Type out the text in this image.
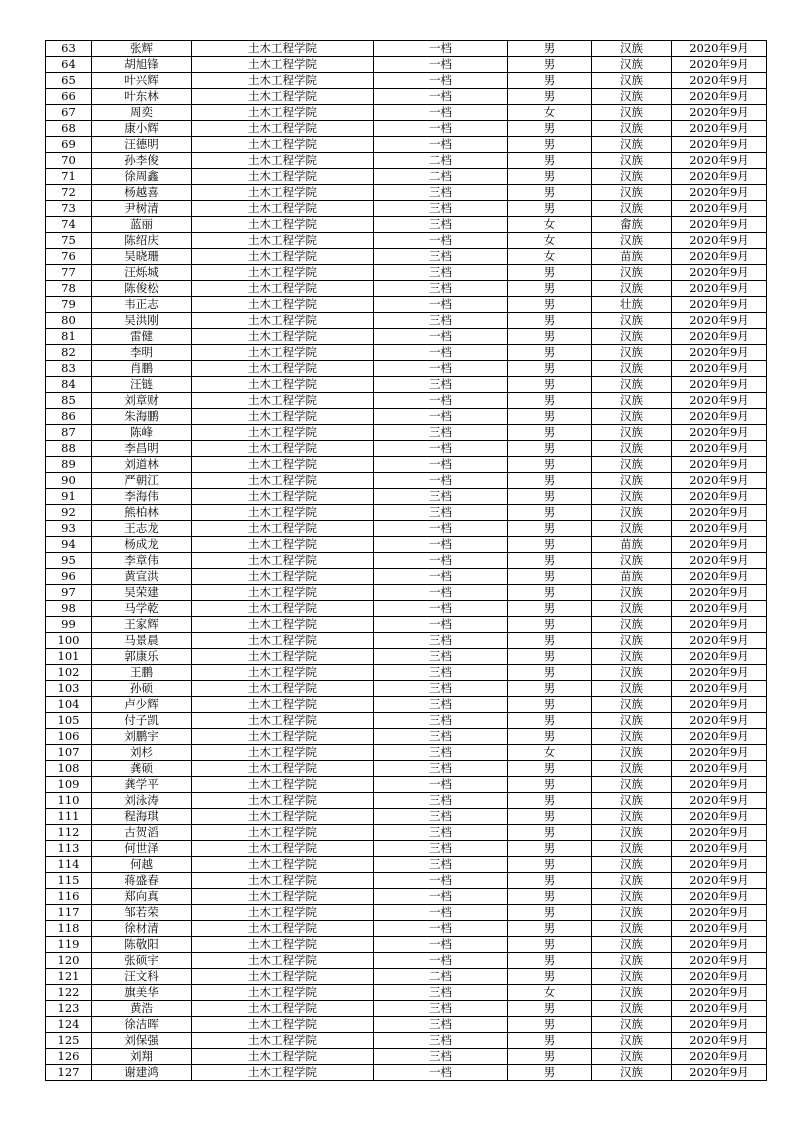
63	张辉	土木工程学院	一档	男	汉族	2020年9月
64	胡旭锋	土木工程学院	一档	男	汉族	2020年9月
65	叶兴辉	土木工程学院	一档	男	汉族	2020年9月
66	叶东林	土木工程学院	一档	男	汉族	2020年9月
67	周奕	土木工程学院	一档	女	汉族	2020年9月
68	康小辉	土木工程学院	一档	男	汉族	2020年9月
69	汪德明	土木工程学院	一档	男	汉族	2020年9月
70	孙李俊	土木工程学院	二档	男	汉族	2020年9月
71	徐周鑫	土木工程学院	二档	男	汉族	2020年9月
72	杨越喜	土木工程学院	三档	男	汉族	2020年9月
73	尹树清	土木工程学院	三档	男	汉族	2020年9月
74	蓝丽	土木工程学院	三档	女	畲族	2020年9月
75	陈绍庆	土木工程学院	一档	女	汉族	2020年9月
76	吴晓珊	土木工程学院	三档	女	苗族	2020年9月
77	汪烁城	土木工程学院	三档	男	汉族	2020年9月
78	陈俊松	土木工程学院	三档	男	汉族	2020年9月
79	韦正志	土木工程学院	一档	男	壮族	2020年9月
80	吴洪刚	土木工程学院	三档	男	汉族	2020年9月
81	雷健	土木工程学院	一档	男	汉族	2020年9月
82	李明	土木工程学院	一档	男	汉族	2020年9月
83	肖鹏	土木工程学院	一档	男	汉族	2020年9月
84	汪链	土木工程学院	三档	男	汉族	2020年9月
85	刘章财	土木工程学院	一档	男	汉族	2020年9月
86	朱海鹏	土木工程学院	一档	男	汉族	2020年9月
87	陈峰	土木工程学院	三档	男	汉族	2020年9月
88	李昌明	土木工程学院	一档	男	汉族	2020年9月
89	刘道林	土木工程学院	一档	男	汉族	2020年9月
90	严朝江	土木工程学院	一档	男	汉族	2020年9月
91	李海伟	土木工程学院	三档	男	汉族	2020年9月
92	熊柏林	土木工程学院	三档	男	汉族	2020年9月
93	王志龙	土木工程学院	一档	男	汉族	2020年9月
94	杨成龙	土木工程学院	一档	男	苗族	2020年9月
95	李章伟	土木工程学院	一档	男	汉族	2020年9月
96	黄宣洪	土木工程学院	一档	男	苗族	2020年9月
97	吴荣建	土木工程学院	一档	男	汉族	2020年9月
98	马学乾	土木工程学院	一档	男	汉族	2020年9月
99	王家辉	土木工程学院	一档	男	汉族	2020年9月
100	马景晨	土木工程学院	三档	男	汉族	2020年9月
101	郭康乐	土木工程学院	三档	男	汉族	2020年9月
102	王鹏	土木工程学院	三档	男	汉族	2020年9月
103	孙硕	土木工程学院	三档	男	汉族	2020年9月
104	卢少辉	土木工程学院	三档	男	汉族	2020年9月
105	付子凯	土木工程学院	三档	男	汉族	2020年9月
106	刘鹏宇	土木工程学院	三档	男	汉族	2020年9月
107	刘杉	土木工程学院	三档	女	汉族	2020年9月
108	龚硕	土木工程学院	三档	男	汉族	2020年9月
109	龚学平	土木工程学院	一档	男	汉族	2020年9月
110	刘泳涛	土木工程学院	三档	男	汉族	2020年9月
111	程海琪	土木工程学院	三档	男	汉族	2020年9月
112	古贺滔	土木工程学院	三档	男	汉族	2020年9月
113	何世泽	土木工程学院	三档	男	汉族	2020年9月
114	何越	土木工程学院	三档	男	汉族	2020年9月
115	蒋盛春	土木工程学院	一档	男	汉族	2020年9月
116	郑向真	土木工程学院	一档	男	汉族	2020年9月
117	邹若荣	土木工程学院	一档	男	汉族	2020年9月
118	徐材清	土木工程学院	一档	男	汉族	2020年9月
119	陈敬阳	土木工程学院	一档	男	汉族	2020年9月
120	张硕宇	土木工程学院	一档	男	汉族	2020年9月
121	汪文科	土木工程学院	二档	男	汉族	2020年9月
122	旗美华	土木工程学院	三档	女	汉族	2020年9月
123	黄浩	土木工程学院	三档	男	汉族	2020年9月
124	徐洁晖	土木工程学院	三档	男	汉族	2020年9月
125	刘保强	土木工程学院	三档	男	汉族	2020年9月
126	刘翔	土木工程学院	三档	男	汉族	2020年9月
127	谢建鸿	土木工程学院	一档	男	汉族	2020年9月
